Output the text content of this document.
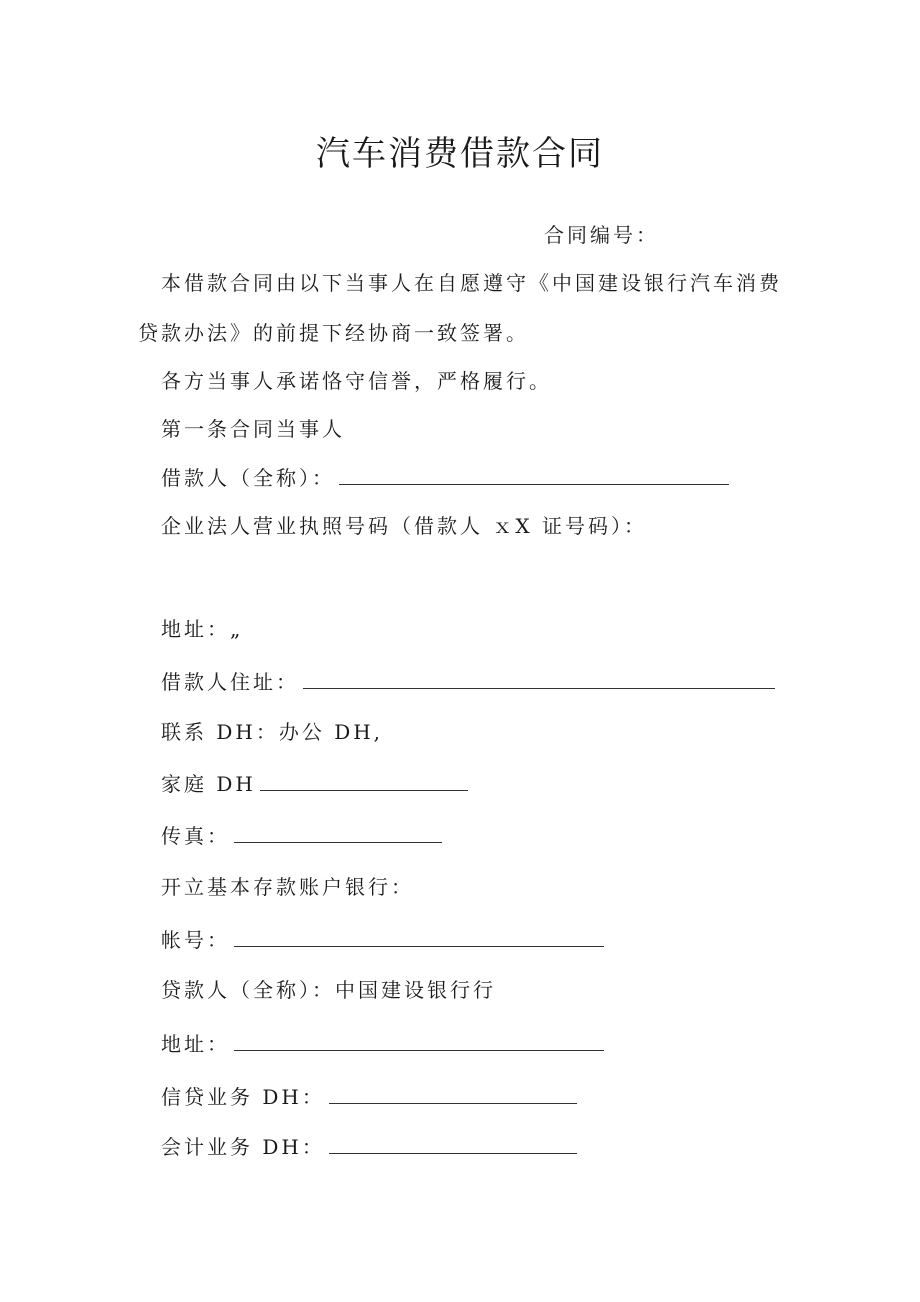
汽车消费借款合同
合同编号：
本借款合同由以下当事人在自愿遵守《中国建设银行汽车消费
贷款办法》的前提下经协商一致签署。
各方当事人承诺恪守信誉，严格履行。
第一条合同当事人
借款人（全称）：
企业法人营业执照号码（借款人 ｘX 证号码）：
地址：„
借款人住址：
联系 DH：办公 DH,
家庭 DH
传真：
开立基本存款账户银行：
帐号：
贷款人（全称）：中国建设银行行
地址：
信贷业务 DH：
会计业务 DH：
